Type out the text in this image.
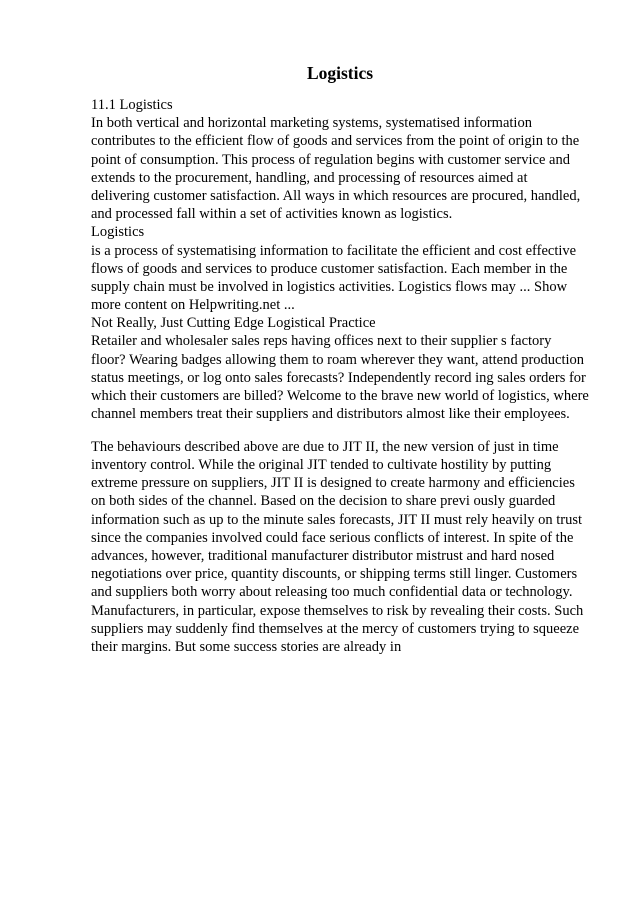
Logistics
11.1 Logistics
In both vertical and horizontal marketing systems, systematised information
contributes to the efficient flow of goods and services from the point of origin to the
point of consumption. This process of regulation begins with customer service and
extends to the procurement, handling, and processing of resources aimed at
delivering customer satisfaction. All ways in which resources are procured, handled,
and processed fall within a set of activities known as logistics.
Logistics
is a process of systematising information to facilitate the efficient and cost effective
flows of goods and services to produce customer satisfaction. Each member in the
supply chain must be involved in logistics activities. Logistics flows may ... Show
more content on Helpwriting.net ...
Not Really, Just Cutting Edge Logistical Practice
Retailer and wholesaler sales reps having offices next to their supplier s factory
floor? Wearing badges allowing them to roam wherever they want, attend production
status meetings, or log onto sales forecasts? Independently record ing sales orders for
which their customers are billed? Welcome to the brave new world of logistics, where
channel members treat their suppliers and distributors almost like their employees.
The behaviours described above are due to JIT II, the new version of just in time
inventory control. While the original JIT tended to cultivate hostility by putting
extreme pressure on suppliers, JIT II is designed to create harmony and efficiencies
on both sides of the channel. Based on the decision to share previ ously guarded
information such as up to the minute sales forecasts, JIT II must rely heavily on trust
since the companies involved could face serious conflicts of interest. In spite of the
advances, however, traditional manufacturer distributor mistrust and hard nosed
negotiations over price, quantity discounts, or shipping terms still linger. Customers
and suppliers both worry about releasing too much confidential data or technology.
Manufacturers, in particular, expose themselves to risk by revealing their costs. Such
suppliers may suddenly find themselves at the mercy of customers trying to squeeze
their margins. But some success stories are already in
